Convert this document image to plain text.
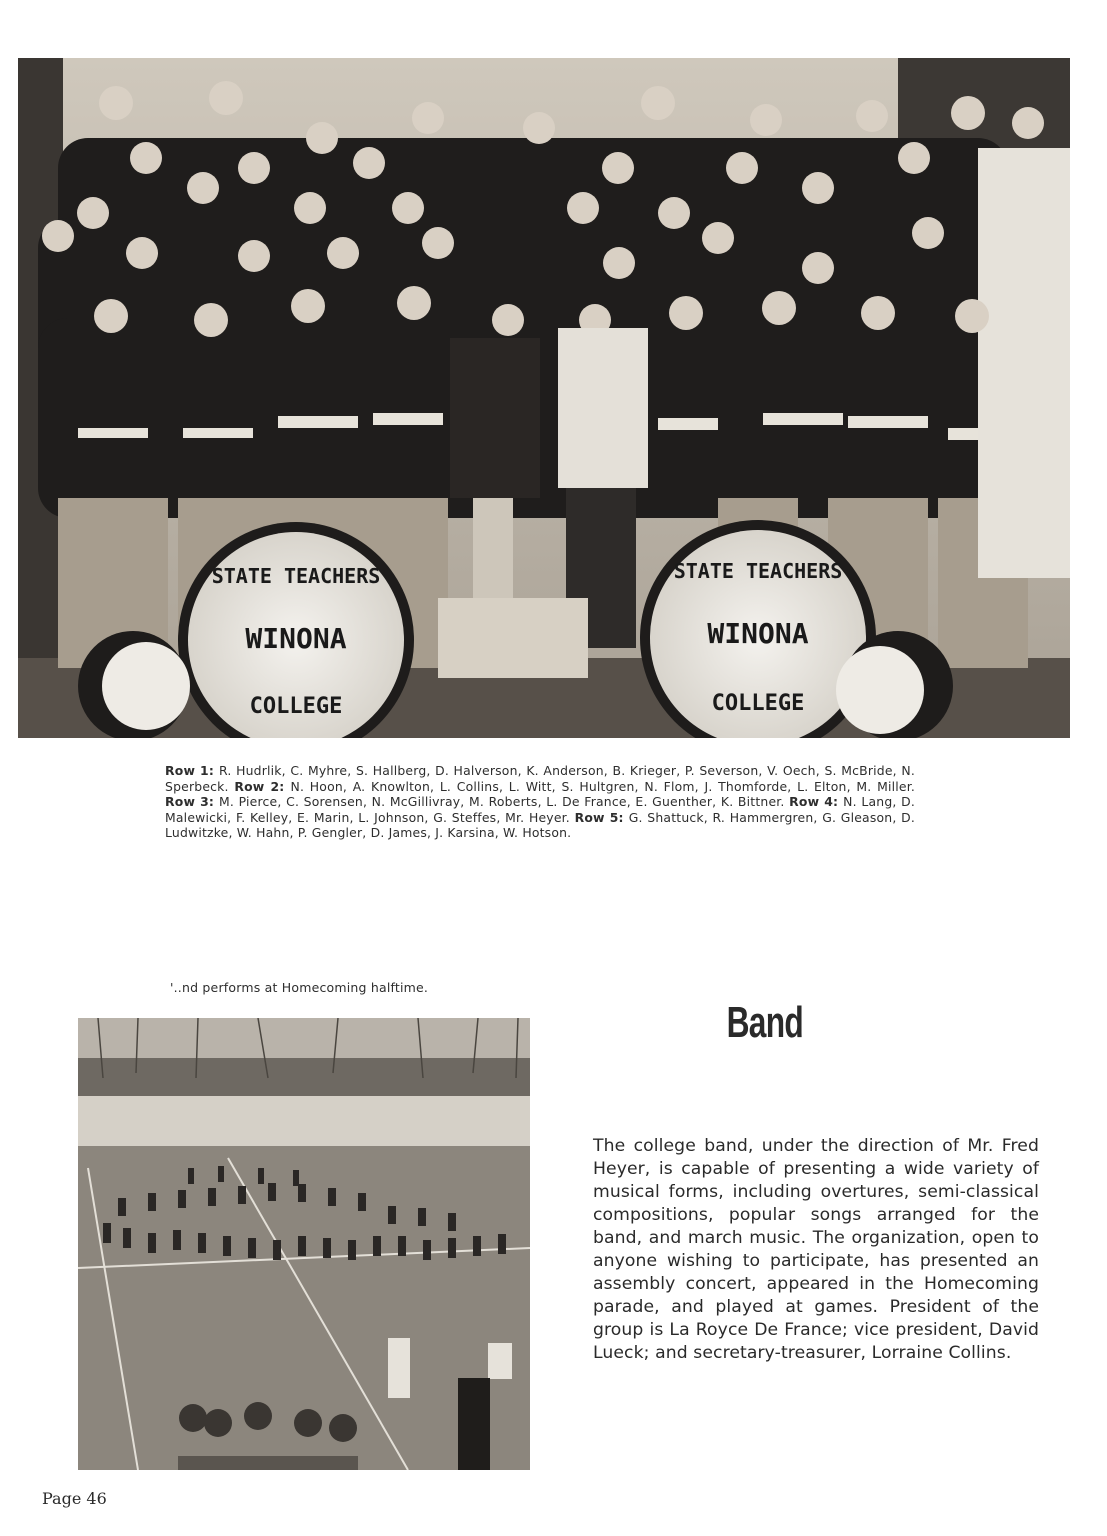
WINONA
STATE TEACHERS
COLLEGE
WINONA
STATE TEACHERS
COLLEGE
Row 1: R. Hudrlik, C. Myhre, S. Hallberg, D. Halverson, K. Anderson, B. Krieger, P. Severson, V. Oech, S. McBride, N. Sperbeck. Row 2: N. Hoon, A. Knowlton, L. Collins, L. Witt, S. Hultgren, N. Flom, J. Thomforde, L. Elton, M. Miller. Row 3: M. Pierce, C. Sorensen, N. McGillivray, M. Roberts, L. De France, E. Guenther, K. Bittner. Row 4: N. Lang, D. Malewicki, F. Kelley, E. Marin, L. Johnson, G. Steffes, Mr. Heyer. Row 5: G. Shattuck, R. Hammergren, G. Gleason, D. Ludwitzke, W. Hahn, P. Gengler, D. James, J. Karsina, W. Hotson.
'..nd performs at Homecoming halftime.
Band
The college band, under the direction of Mr. Fred Heyer, is capable of presenting a wide variety of musical forms, including overtures, semi-classical compositions, popular songs arranged for the band, and march music. The organization, open to anyone wishing to participate, has presented an assembly concert, appeared in the Homecoming parade, and played at games. President of the group is La Royce De France; vice president, David Lueck; and secretary-treasurer, Lorraine Collins.
Page 46
